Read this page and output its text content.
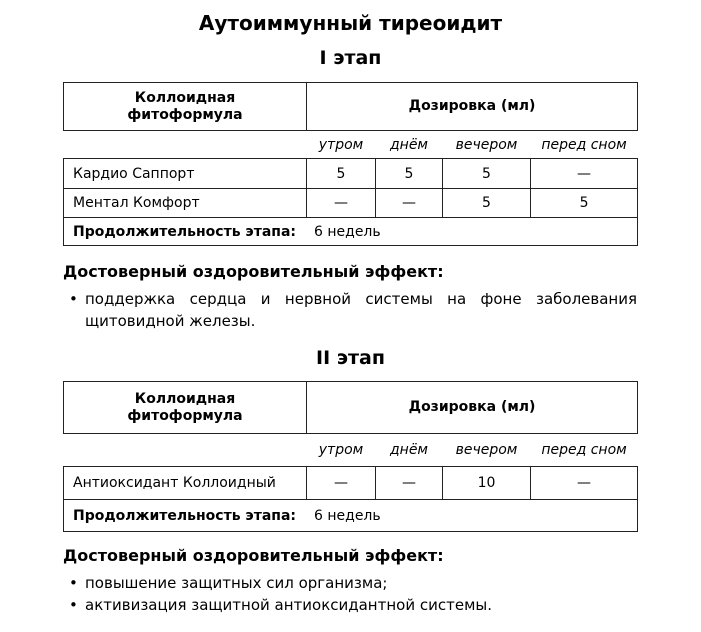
Аутоиммунный тиреоидит
I этап
Коллоидная фитоформула	Дозировка (мл)			
	утром	днём	вечером	перед сном
Кардио Саппорт	5	5	5	—
Ментал Комфорт	—	—	5	5
Продолжительность этапа: 6 недель				
Достоверный оздоровительный эффект:
• поддержка сердца и нервной системы на фоне заболевания щитовидной железы.
II этап
Коллоидная фитоформула	Дозировка (мл)			
	утром	днём	вечером	перед сном
Антиоксидант Коллоидный	—	—	10	—
Продолжительность этапа: 6 недель				
Достоверный оздоровительный эффект:
• повышение защитных сил организма;
• активизация защитной антиоксидантной системы.
